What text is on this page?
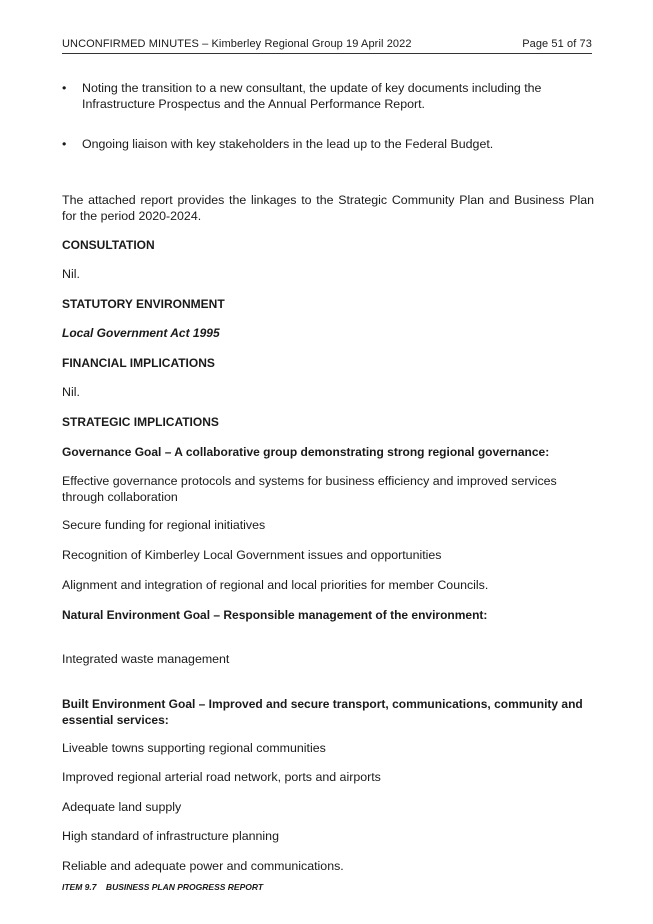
UNCONFIRMED MINUTES – Kimberley Regional Group 19 April 2022	Page 51 of 73
• Noting the transition to a new consultant, the update of key documents including the Infrastructure Prospectus and the Annual Performance Report.
• Ongoing liaison with key stakeholders in the lead up to the Federal Budget.
The attached report provides the linkages to the Strategic Community Plan and Business Plan for the period 2020-2024.
CONSULTATION
Nil.
STATUTORY ENVIRONMENT
Local Government Act 1995
FINANCIAL IMPLICATIONS
Nil.
STRATEGIC IMPLICATIONS
Governance Goal – A collaborative group demonstrating strong regional governance:
Effective governance protocols and systems for business efficiency and improved services through collaboration
Secure funding for regional initiatives
Recognition of Kimberley Local Government issues and opportunities
Alignment and integration of regional and local priorities for member Councils.
Natural Environment Goal – Responsible management of the environment:
Integrated waste management
Built Environment Goal – Improved and secure transport, communications, community and essential services:
Liveable towns supporting regional communities
Improved regional arterial road network, ports and airports
Adequate land supply
High standard of infrastructure planning
Reliable and adequate power and communications.
ITEM 9.7    BUSINESS PLAN PROGRESS REPORT
